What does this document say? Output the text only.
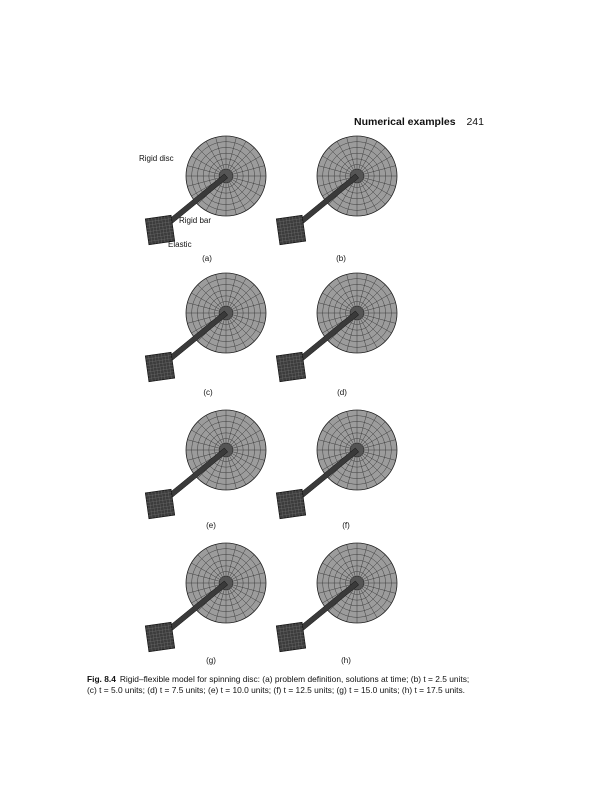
Numerical examples 241
Rigid disc
Rigid bar
Elastic
(a)	(b)
(c)	(d)
(e)	(f)
(g)	(h)
Fig. 8.4 Rigid–flexible model for spinning disc: (a) problem definition, solutions at time; (b) t = 2.5 units; (c) t = 5.0 units; (d) t = 7.5 units; (e) t = 10.0 units; (f) t = 12.5 units; (g) t = 15.0 units; (h) t = 17.5 units.
